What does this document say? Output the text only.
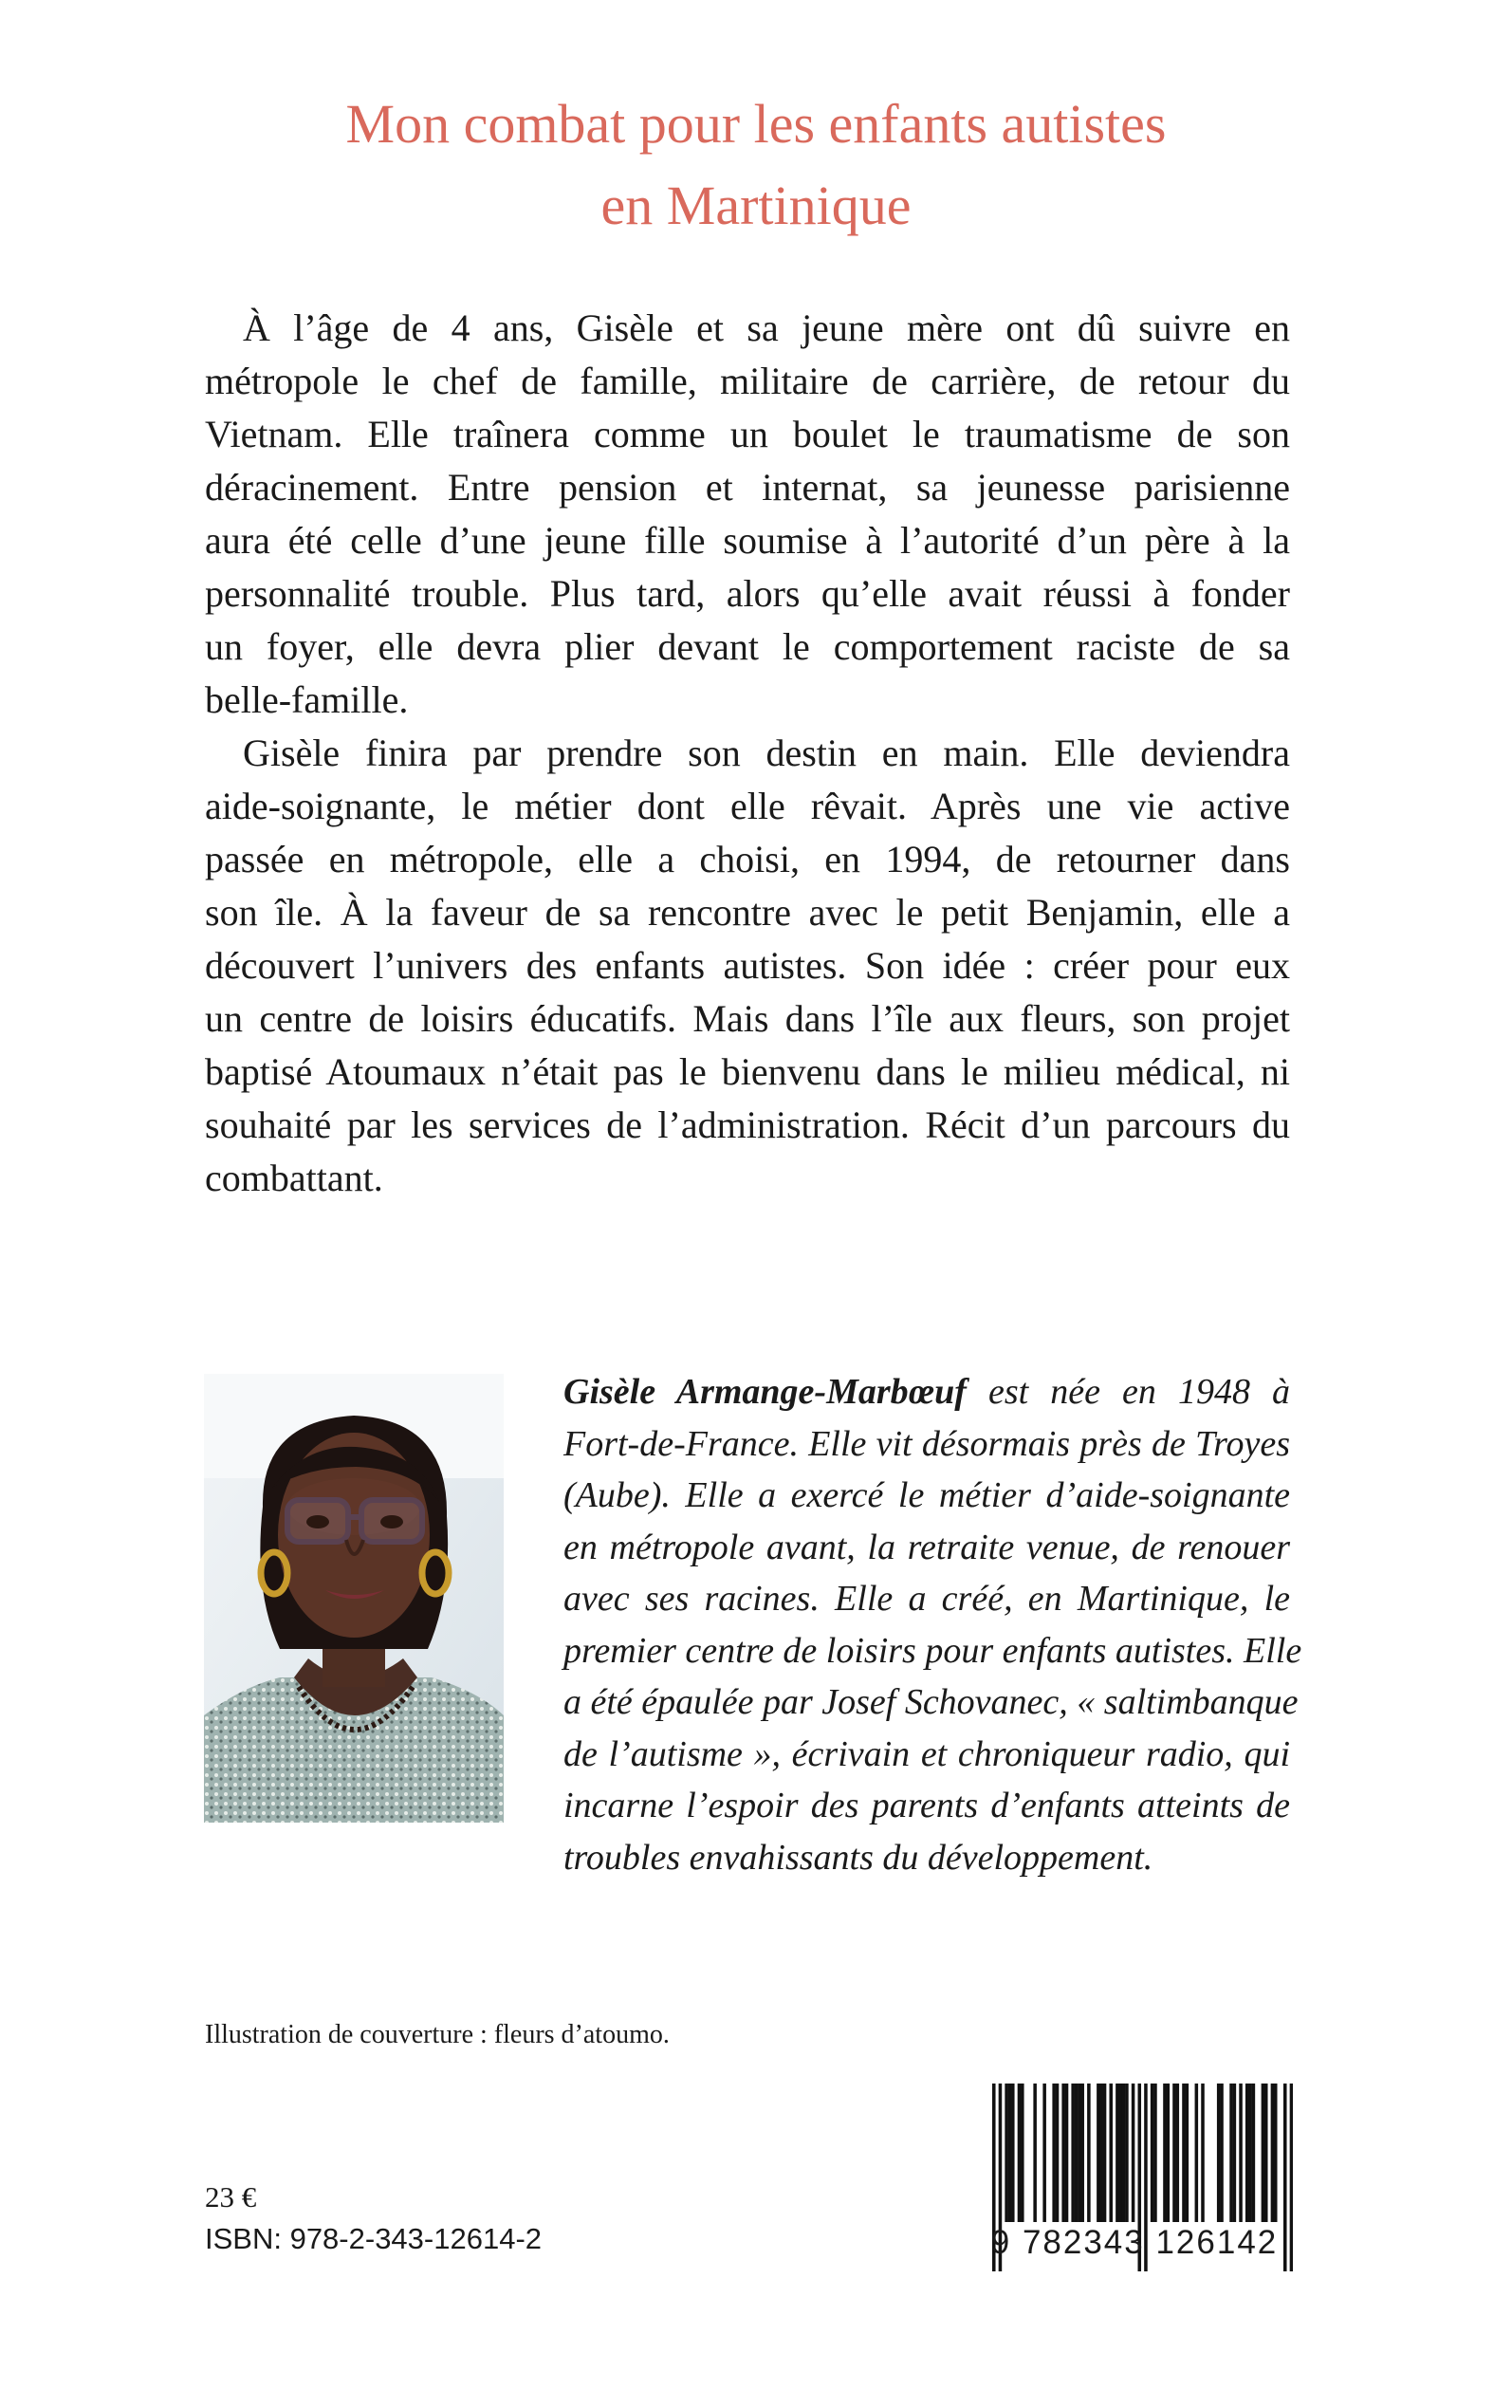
Mon combat pour les enfants autistes
en Martinique
À l’âge de 4 ans, Gisèle et sa jeune mère ont dû suivre en
métropole le chef de famille, militaire de carrière, de retour du
Vietnam. Elle traînera comme un boulet le traumatisme de son
déracinement. Entre pension et internat, sa jeunesse parisienne
aura été celle d’une jeune fille soumise à l’autorité d’un père à la
personnalité trouble. Plus tard, alors qu’elle avait réussi à fonder
un foyer, elle devra plier devant le comportement raciste de sa
belle-famille.
Gisèle finira par prendre son destin en main. Elle deviendra
aide-soignante, le métier dont elle rêvait. Après une vie active
passée en métropole, elle a choisi, en 1994, de retourner dans
son île. À la faveur de sa rencontre avec le petit Benjamin, elle a
découvert l’univers des enfants autistes. Son idée : créer pour eux
un centre de loisirs éducatifs. Mais dans l’île aux fleurs, son projet
baptisé Atoumaux n’était pas le bienvenu dans le milieu médical, ni
souhaité par les services de l’administration. Récit d’un parcours du
combattant.
Gisèle Armange-Marbœuf est née en 1948 à
Fort-de-France. Elle vit désormais près de Troyes
(Aube). Elle a exercé le métier d’aide-soignante
en métropole avant, la retraite venue, de renouer
avec ses racines. Elle a créé, en Martinique, le
premier centre de loisirs pour enfants autistes. Elle
a été épaulée par Josef Schovanec, « saltimbanque
de l’autisme », écrivain et chroniqueur radio, qui
incarne l’espoir des parents d’enfants atteints de
troubles envahissants du développement.
Illustration de couverture : fleurs d’atoumo.
23 €
ISBN: 978-2-343-12614-2	9 782343 126142
